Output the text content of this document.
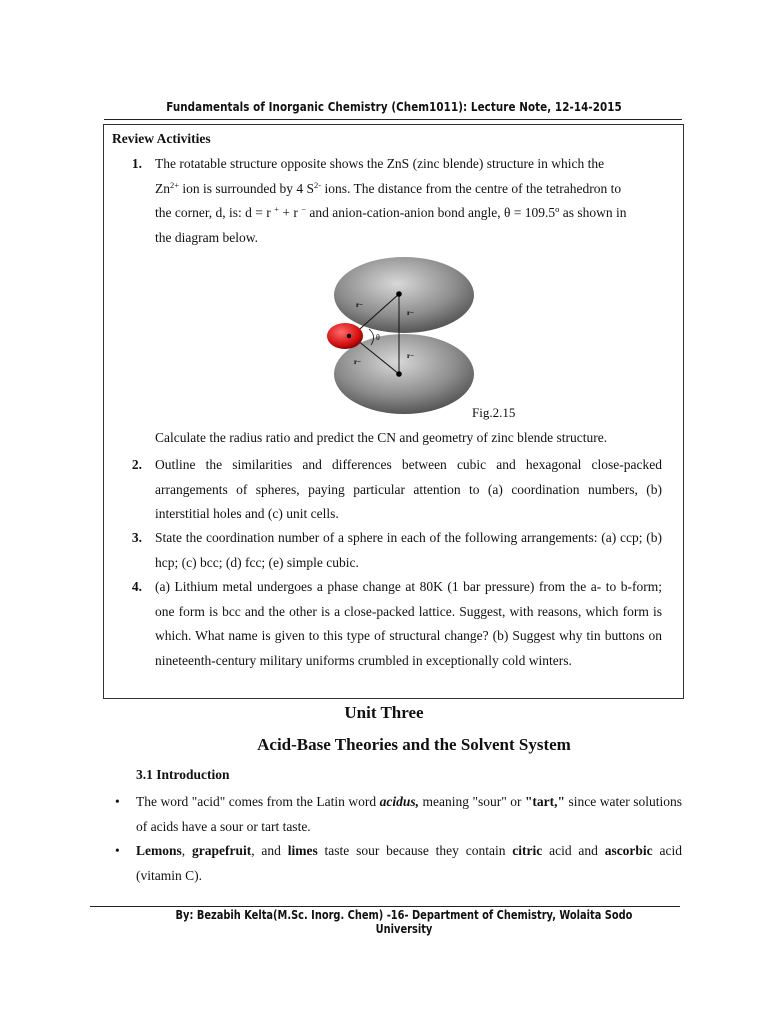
Fundamentals of Inorganic Chemistry (Chem1011): Lecture Note, 12-14-2015
Review Activities
1. The rotatable structure opposite shows the ZnS (zinc blende) structure in which the
$Zn^{2+}$ ion is surrounded by 4 $S^{2-}$ ions. The distance from the centre of the tetrahedron to
the corner, d, is: d = r + + r − and anion-cation-anion bond angle, $\theta = 109.5^o$ as shown in
the diagram below.
r−
r−
θ
r−
r−
Fig.2.15
Calculate the radius ratio and predict the CN and geometry of zinc blende structure.
2. Outline the similarities and differences between cubic and hexagonal close-packed arrangements of spheres, paying particular attention to (a) coordination numbers, (b) interstitial holes and (c) unit cells.
3. State the coordination number of a sphere in each of the following arrangements: (a) ccp; (b) hcp; (c) bcc; (d) fcc; (e) simple cubic.
4. (a) Lithium metal undergoes a phase change at 80K (1 bar pressure) from the a- to b-form; one form is bcc and the other is a close-packed lattice. Suggest, with reasons, which form is which. What name is given to this type of structural change? (b) Suggest why tin buttons on nineteenth-century military uniforms crumbled in exceptionally cold winters.
Unit Three
Acid-Base Theories and the Solvent System
3.1 Introduction
• The word "acid" comes from the Latin word acidus, meaning "sour" or "tart," since water solutions of acids have a sour or tart taste.
• Lemons, grapefruit, and limes taste sour because they contain citric acid and ascorbic acid (vitamin C).
By: Bezabih Kelta(M.Sc. Inorg. Chem) -16- Department of Chemistry, Wolaita Sodo University
